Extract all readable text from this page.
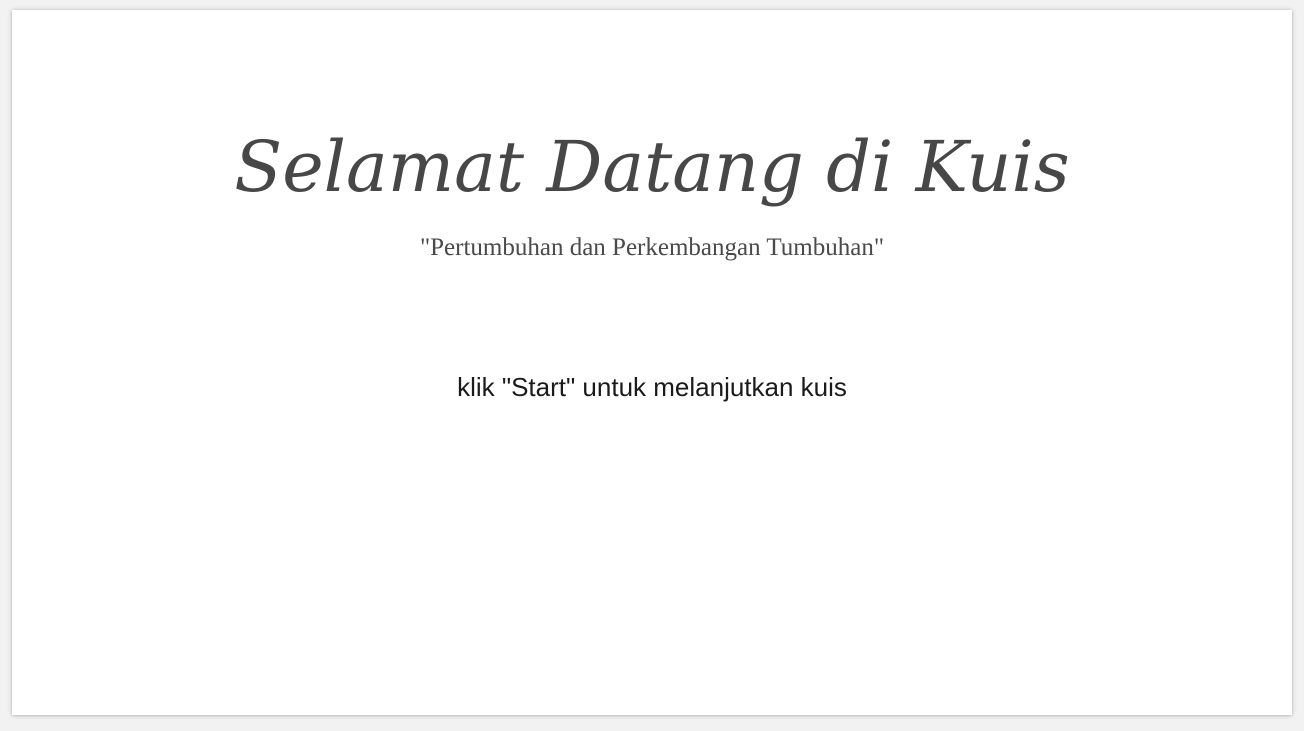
Selamat Datang di Kuis

"Pertumbuhan dan Perkembangan Tumbuhan"

klik "Start" untuk melanjutkan kuis
